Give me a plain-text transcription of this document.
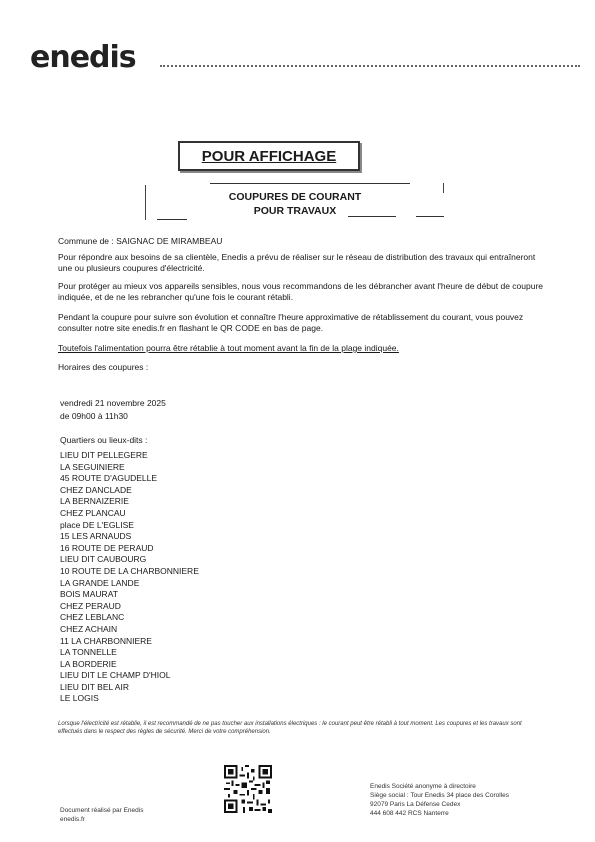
enedis
POUR AFFICHAGE
COUPURES DE COURANT
POUR TRAVAUX
Commune de : SAIGNAC DE MIRAMBEAU
Pour répondre aux besoins de sa clientèle, Enedis a prévu de réaliser sur le réseau de distribution des travaux qui entraîneront une ou plusieurs coupures d'électricité.
Pour protéger au mieux vos appareils sensibles, nous vous recommandons de les débrancher avant l'heure de début de coupure indiquée, et de ne les rebrancher qu'une fois le courant rétabli.
Pendant la coupure pour suivre son évolution et connaître l'heure approximative de rétablissement du courant, vous pouvez consulter notre site enedis.fr en flashant le QR CODE en bas de page.
Toutefois l'alimentation pourra être rétablie à tout moment avant la fin de la plage indiquée.
Horaires des coupures :
vendredi 21 novembre 2025
de 09h00 à 11h30
Quartiers ou lieux-dits :
LIEU DIT PELLEGERE
LA SEGUINIERE
45 ROUTE D'AGUDELLE
CHEZ DANCLADE
LA BERNAIZERIE
CHEZ PLANCAU
place DE L'EGLISE
15 LES ARNAUDS
16 ROUTE DE PERAUD
LIEU DIT CAUBOURG
10 ROUTE DE LA CHARBONNIERE
LA GRANDE LANDE
BOIS MAURAT
CHEZ PERAUD
CHEZ LEBLANC
CHEZ ACHAIN
11 LA CHARBONNIERE
LA TONNELLE
LA BORDERIE
LIEU DIT LE CHAMP D'HIOL
LIEU DIT BEL AIR
LE LOGIS
Lorsque l'électricité est rétablie, il est recommandé de ne pas toucher aux installations électriques : le courant peut être rétabli à tout moment. Les coupures et les travaux sont effectués dans le respect des règles de sécurité. Merci de votre compréhension.
Enedis Société anonyme à directoire
Siège social : Tour Enedis 34 place des Corolles
92079 Paris La Défense Cedex
444 608 442 RCS Nanterre
Document réalisé par Enedis
enedis.fr
